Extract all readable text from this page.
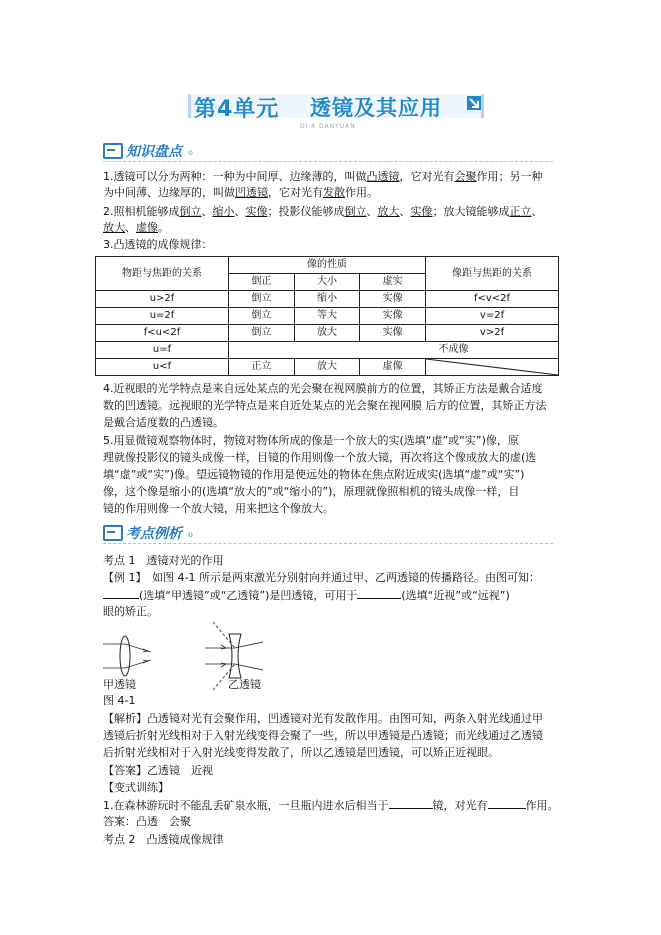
第4单元 透镜及其应用
DI 4 DANYUAN
知识盘点 ℴ
1.透镜可以分为两种：一种为中间厚、边缘薄的，叫做凸透镜，它对光有会聚作用；另一种
为中间薄、边缘厚的，叫做凹透镜，它对光有发散作用。
2.照相机能够成倒立、缩小、实像；投影仪能够成倒立、放大、实像；放大镜能够成正立、
放大、虚像。
3.凸透镜的成像规律：
物距与焦距的关系	像的性质			像距与焦距的关系
	倒正	大小	虚实	
u>2f	倒立	缩小	实像	f<v<2f
u=2f	倒立	等大	实像	v=2f
f<u<2f	倒立	放大	实像	v>2f
u=f	不成像			
u<f	正立	放大	虚像	
4.近视眼的光学特点是来自远处某点的光会聚在视网膜前方的位置，其矫正方法是戴合适度
数的凹透镜。远视眼的光学特点是来自近处某点的光会聚在视网膜 后方的位置，其矫正方法
是戴合适度数的凸透镜。
5.用显微镜观察物体时，物镜对物体所成的像是一个放大的实(选填“虚”或“实”)像，原
理就像投影仪的镜头成像一样，目镜的作用则像一个放大镜，再次将这个像成放大的虚(选
填“虚”或“实”)像。望远镜物镜的作用是使远处的物体在焦点附近成实(选填“虚”或“实”)
像，这个像是缩小的(选填“放大的”或“缩小的”)，原理就像照相机的镜头成像一样，目
镜的作用则像一个放大镜，用来把这个像放大。
考点例析 ℴ
考点 1　透镜对光的作用
【例 1】　如图 4-1 所示是两束激光分别射向并通过甲、乙两透镜的传播路径。由图可知：
(选填“甲透镜”或“乙透镜”)是凹透镜，可用于	(选填“近视”或“远视”)
眼的矫正。
甲透镜	乙透镜
图 4-1
【解析】凸透镜对光有会聚作用，凹透镜对光有发散作用。由图可知，两条入射光线通过甲
透镜后折射光线相对于入射光线变得会聚了一些，所以甲透镜是凸透镜；而光线通过乙透镜
后折射光线相对于入射光线变得发散了，所以乙透镜是凹透镜，可以矫正近视眼。
【答案】乙透镜　近视
【变式训练】
1.在森林游玩时不能乱丢矿泉水瓶，一旦瓶内进水后相当于	镜，对光有	作用。
答案：凸透　会聚
考点 2　凸透镜成像规律
